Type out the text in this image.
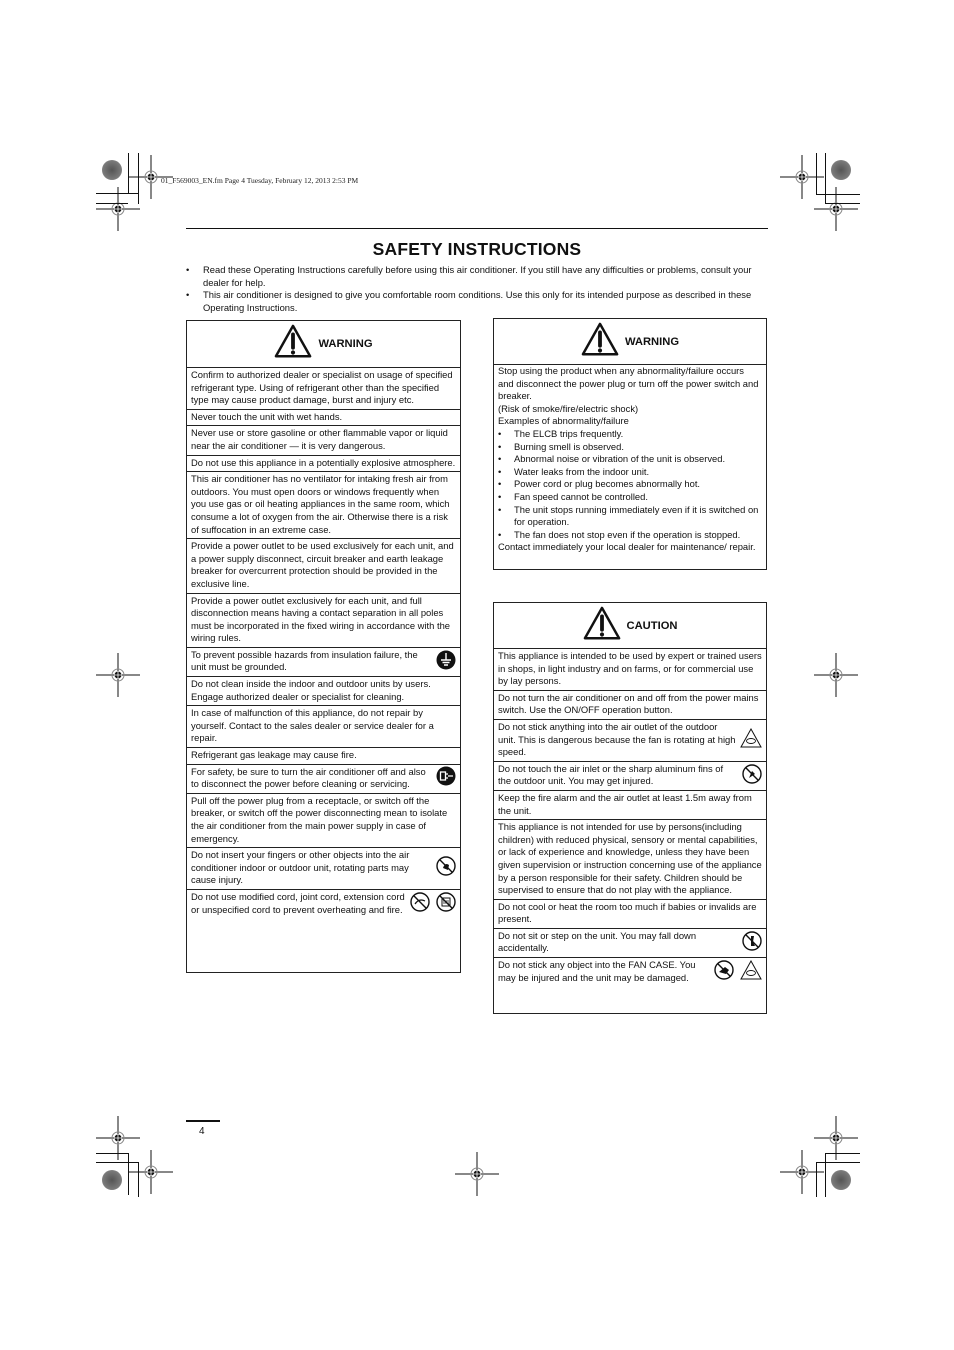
01_F569003_EN.fm Page 4 Tuesday, February 12, 2013 2:53 PM
SAFETY INSTRUCTIONS
•	Read these Operating Instructions carefully before using this air conditioner. If you still have any difficulties or problems, consult your dealer for help.
•	This air conditioner is designed to give you comfortable room conditions. Use this only for its intended purpose as described in these Operating Instructions.
WARNING
Confirm to authorized dealer or specialist on usage of specified refrigerant type. Using of refrigerant other than the specified type may cause product damage, burst and injury etc.
Never touch the unit with wet hands.
Never use or store gasoline or other flammable vapor or liquid near the air conditioner — it is very dangerous.
Do not use this appliance in a potentially explosive atmosphere.
This air conditioner has no ventilator for intaking fresh air from outdoors. You must open doors or windows frequently when you use gas or oil heating appliances in the same room, which consume a lot of oxygen from the air. Otherwise there is a risk of suffocation in an extreme case.
Provide a power outlet to be used exclusively for each unit, and a power supply disconnect, circuit breaker and earth leakage breaker for overcurrent protection should be provided in the exclusive line.
Provide a power outlet exclusively for each unit, and full disconnection means having a contact separation in all poles must be incorporated in the fixed wiring in accordance with the wiring rules.
To prevent possible hazards from insulation failure, the unit must be grounded.
Do not clean inside the indoor and outdoor units by users. Engage authorized dealer or specialist for cleaning.
In case of malfunction of this appliance, do not repair by yourself. Contact to the sales dealer or service dealer for a repair.
Refrigerant gas leakage may cause fire.
For safety, be sure to turn the air conditioner off and also to disconnect the power before cleaning or servicing.
Pull off the power plug from a receptacle, or switch off the breaker, or switch off the power disconnecting mean to isolate the air conditioner from the main power supply in case of emergency.
Do not insert your fingers or other objects into the air conditioner indoor or outdoor unit, rotating parts may cause injury.
Do not use modified cord, joint cord, extension cord or unspecified cord to prevent overheating and fire.
WARNING
Stop using the product when any abnormality/failure occurs and disconnect the power plug or turn off the power switch and breaker.
(Risk of smoke/fire/electric shock)
Examples of abnormality/failure
•	The ELCB trips frequently.
•	Burning smell is observed.
•	Abnormal noise or vibration of the unit is observed.
•	Water leaks from the indoor unit.
•	Power cord or plug becomes abnormally hot.
•	Fan speed cannot be controlled.
•	The unit stops running immediately even if it is switched on for operation.
•	The fan does not stop even if the operation is stopped.
Contact immediately your local dealer for maintenance/ repair.
CAUTION
This appliance is intended to be used by expert or trained users in shops, in light industry and on farms, or for commercial use by lay persons.
Do not turn the air conditioner on and off from the power mains switch. Use the ON/OFF operation button.
Do not stick anything into the air outlet of the outdoor unit. This is dangerous because the fan is rotating at high speed.
Do not touch the air inlet or the sharp aluminum fins of the outdoor unit. You may get injured.
Keep the fire alarm and the air outlet at least 1.5m away from the unit.
This appliance is not intended for use by persons(including children) with reduced physical, sensory or mental capabilities, or lack of experience and knowledge, unless they have been given supervision or instruction concerning use of the appliance by a person responsible for their safety. Children should be supervised to ensure that do not play with the appliance.
Do not cool or heat the room too much if babies or invalids are present.
Do not sit or step on the unit. You may fall down accidentally.
Do not stick any object into the FAN CASE. You may be injured and the unit may be damaged.
4
